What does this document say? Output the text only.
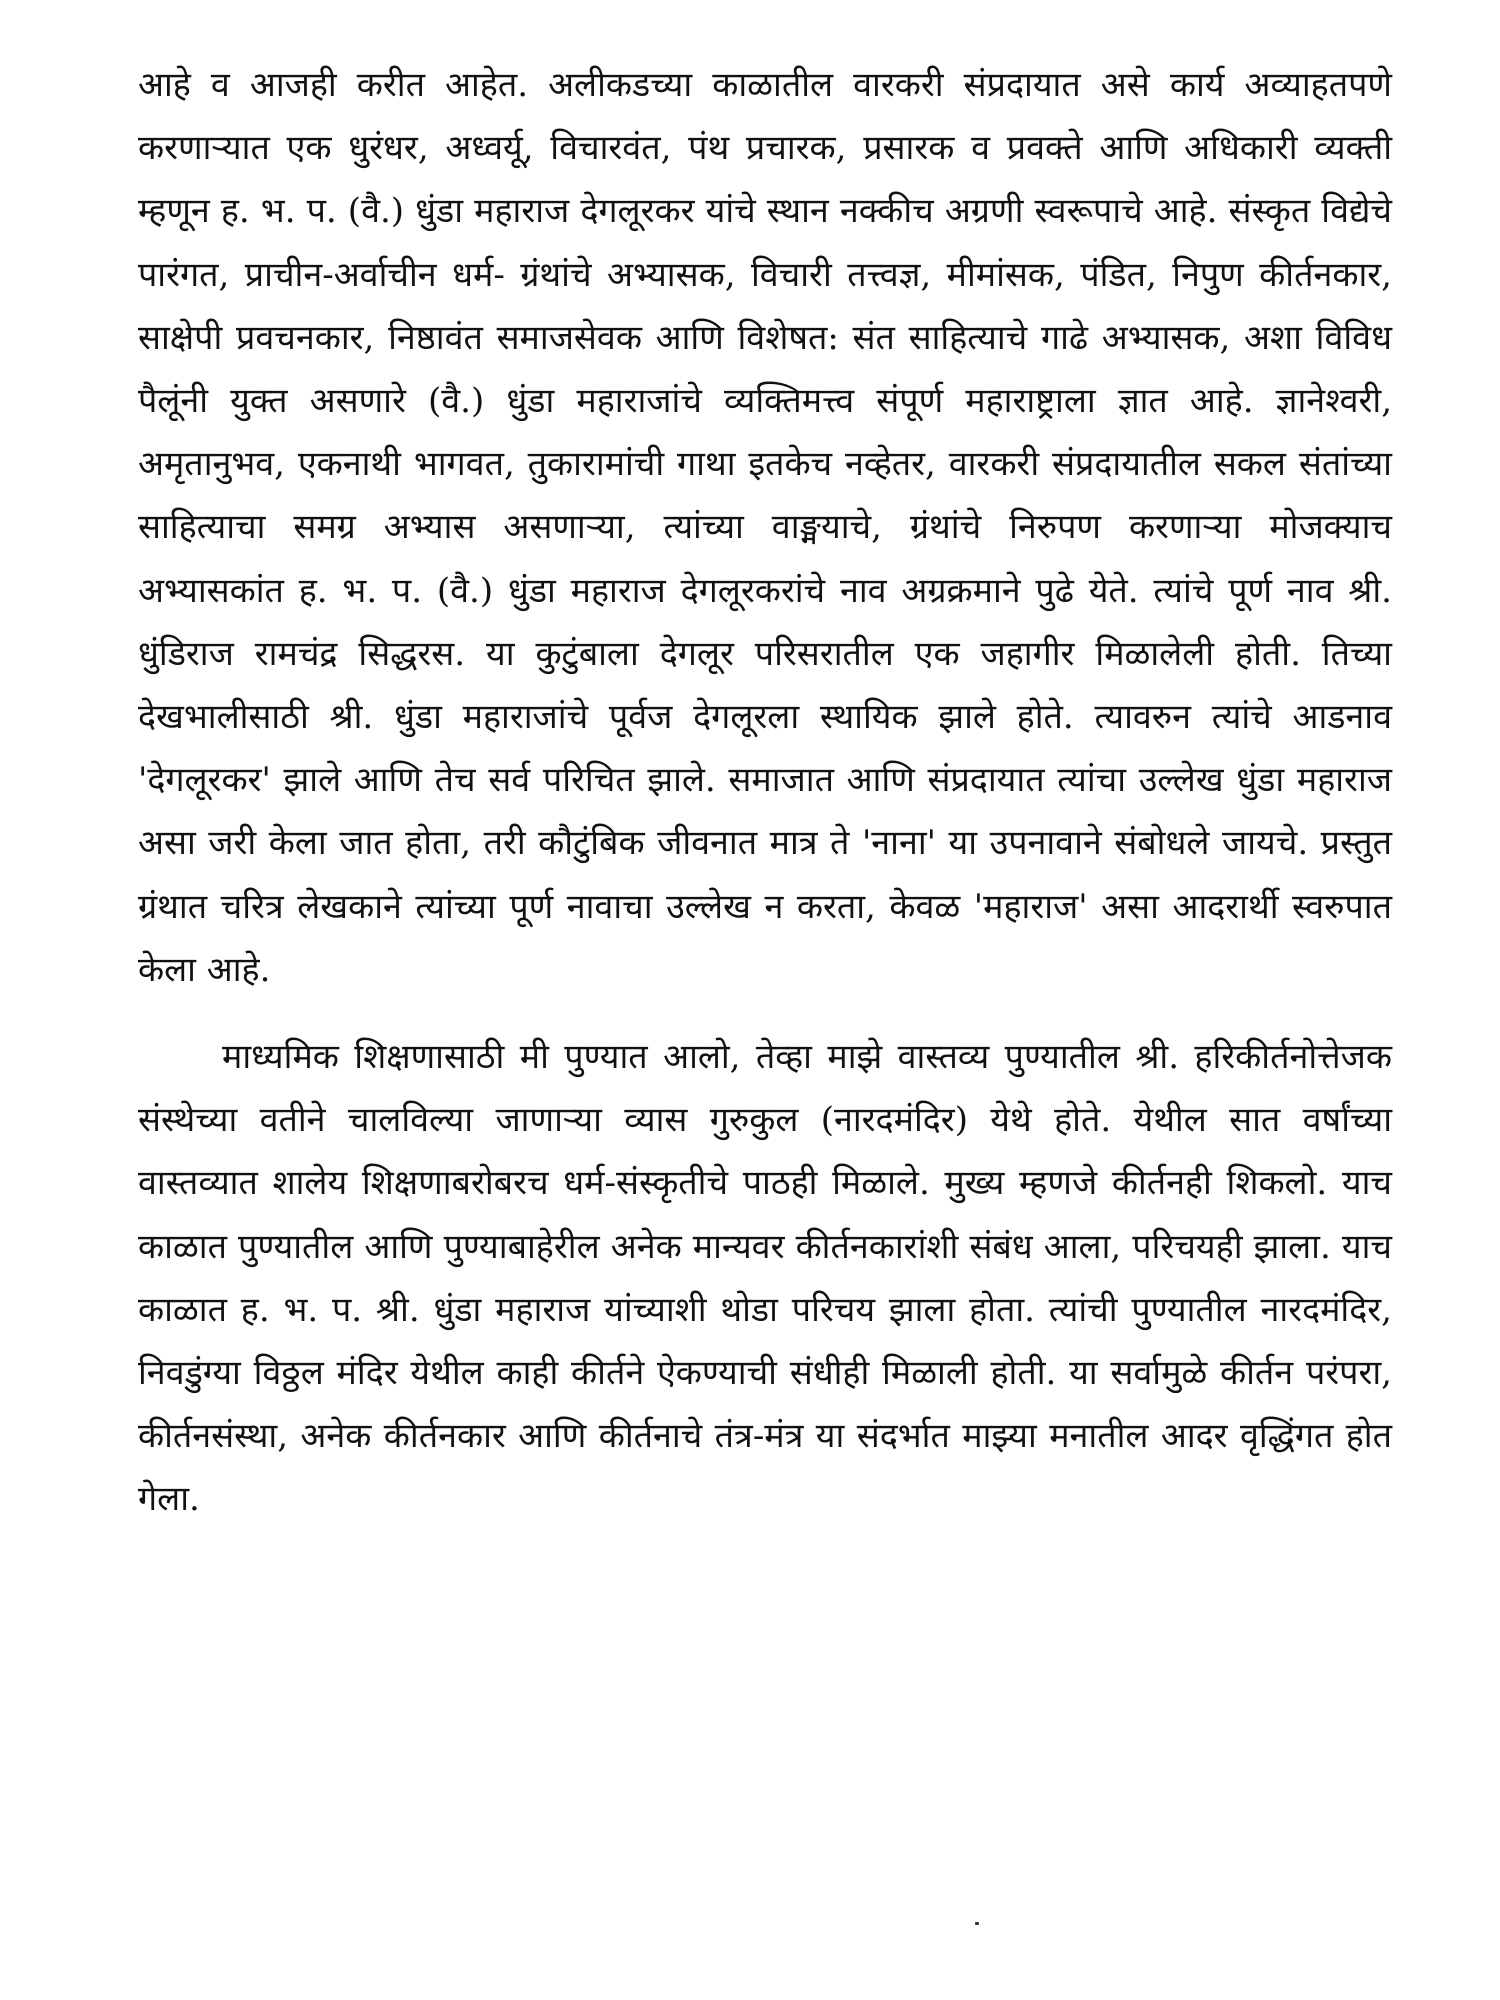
आहे व आजही करीत आहेत. अलीकडच्या काळातील वारकरी संप्रदायात असे कार्य अव्याहतपणे करणाऱ्यात एक धुरंधर, अध्वर्यू, विचारवंत, पंथ प्रचारक, प्रसारक व प्रवक्ते आणि अधिकारी व्यक्ती म्हणून ह. भ. प. (वै.) धुंडा महाराज देगलूरकर यांचे स्थान नक्कीच अग्रणी स्वरूपाचे आहे. संस्कृत विद्येचे पारंगत, प्राचीन-अर्वाचीन धर्म- ग्रंथांचे अभ्यासक, विचारी तत्त्वज्ञ, मीमांसक, पंडित, निपुण कीर्तनकार, साक्षेपी प्रवचनकार, निष्ठावंत समाजसेवक आणि विशेषत: संत साहित्याचे गाढे अभ्यासक, अशा विविध पैलूंनी युक्त असणारे (वै.) धुंडा महाराजांचे व्यक्तिमत्त्व संपूर्ण महाराष्ट्राला ज्ञात आहे. ज्ञानेश्वरी, अमृतानुभव, एकनाथी भागवत, तुकारामांची गाथा इतकेच नव्हेतर, वारकरी संप्रदायातील सकल संतांच्या साहित्याचा समग्र अभ्यास असणाऱ्या, त्यांच्या वाङ्मयाचे, ग्रंथांचे निरुपण करणाऱ्या मोजक्याच अभ्यासकांत ह. भ. प. (वै.) धुंडा महाराज देगलूरकरांचे नाव अग्रक्रमाने पुढे येते. त्यांचे पूर्ण नाव श्री. धुंडिराज रामचंद्र सिद्धरस. या कुटुंबाला देगलूर परिसरातील एक जहागीर मिळालेली होती. तिच्या देखभालीसाठी श्री. धुंडा महाराजांचे पूर्वज देगलूरला स्थायिक झाले होते. त्यावरुन त्यांचे आडनाव 'देगलूरकर' झाले आणि तेच सर्व परिचित झाले. समाजात आणि संप्रदायात त्यांचा उल्लेख धुंडा महाराज असा जरी केला जात होता, तरी कौटुंबिक जीवनात मात्र ते 'नाना' या उपनावाने संबोधले जायचे. प्रस्तुत ग्रंथात चरित्र लेखकाने त्यांच्या पूर्ण नावाचा उल्लेख न करता, केवळ 'महाराज' असा आदरार्थी स्वरुपात केला आहे.

माध्यमिक शिक्षणासाठी मी पुण्यात आलो, तेव्हा माझे वास्तव्य पुण्यातील श्री. हरिकीर्तनोत्तेजक संस्थेच्या वतीने चालविल्या जाणाऱ्या व्यास गुरुकुल (नारदमंदिर) येथे होते. येथील सात वर्षांच्या वास्तव्यात शालेय शिक्षणाबरोबरच धर्म-संस्कृतीचे पाठही मिळाले. मुख्य म्हणजे कीर्तनही शिकलो. याच काळात पुण्यातील आणि पुण्याबाहेरील अनेक मान्यवर कीर्तनकारांशी संबंध आला, परिचयही झाला. याच काळात ह. भ. प. श्री. धुंडा महाराज यांच्याशी थोडा परिचय झाला होता. त्यांची पुण्यातील नारदमंदिर, निवडुंग्या विठ्ठल मंदिर येथील काही कीर्तने ऐकण्याची संधीही मिळाली होती. या सर्वामुळे कीर्तन परंपरा, कीर्तनसंस्था, अनेक कीर्तनकार आणि कीर्तनाचे तंत्र-मंत्र या संदर्भात माझ्या मनातील आदर वृद्धिंगत होत गेला.
